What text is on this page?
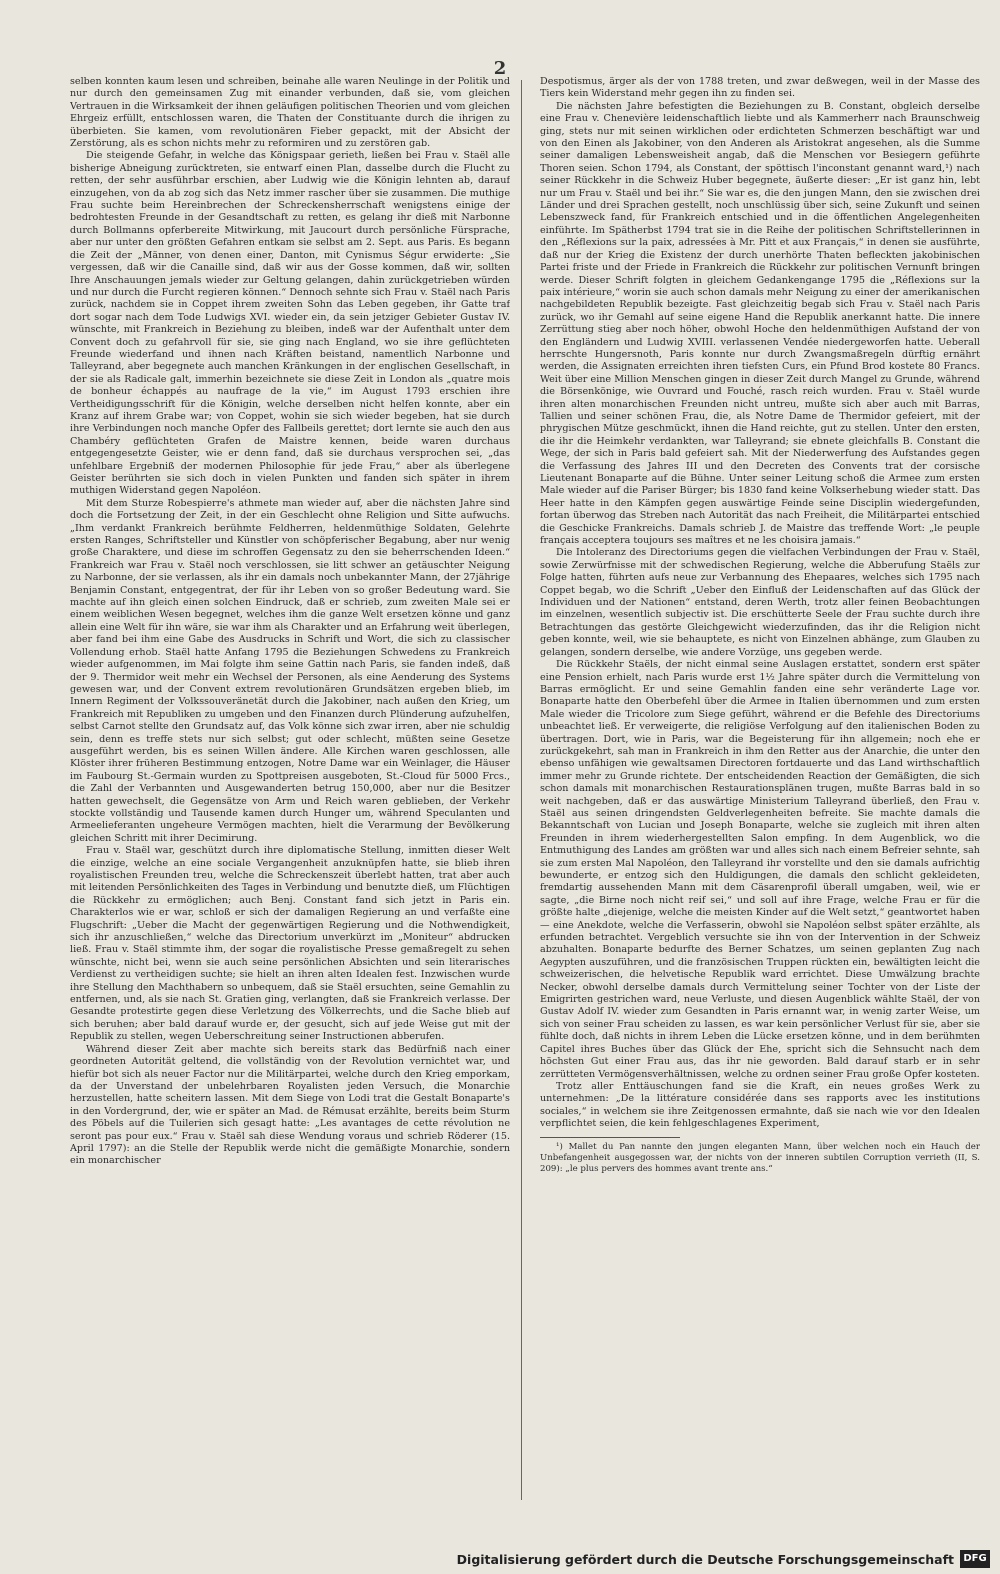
2

selben konnten kaum lesen und schreiben, beinahe alle waren Neulinge in der Politik und nur durch den gemeinsamen Zug mit einander verbunden, daß sie, vom gleichen Vertrauen in die Wirksamkeit der ihnen geläufigen politischen Theorien und vom gleichen Ehrgeiz erfüllt, entschlossen waren, die Thaten der Constituante durch die ihrigen zu überbieten. Sie kamen, vom revolutionären Fieber gepackt, mit der Absicht der Zerstörung, als es schon nichts mehr zu reformiren und zu zerstören gab.

Die steigende Gefahr, in welche das Königspaar gerieth, ließen bei Frau v. Staël alle bisherige Abneigung zurücktreten, sie entwarf einen Plan, dasselbe durch die Flucht zu retten, der sehr ausführbar erschien, aber Ludwig wie die Königin lehnten ab, darauf einzugehen, von da ab zog sich das Netz immer rascher über sie zusammen. Die muthige Frau suchte beim Hereinbrechen der Schreckensherrschaft wenigstens einige der bedrohtesten Freunde in der Gesandtschaft zu retten, es gelang ihr dieß mit Narbonne durch Bollmanns opferbereite Mitwirkung, mit Jaucourt durch persönliche Fürsprache, aber nur unter den größten Gefahren entkam sie selbst am 2. Sept. aus Paris. Es begann die Zeit der „Männer, von denen einer, Danton, mit Cynismus Ségur erwiderte: „Sie vergessen, daß wir die Canaille sind, daß wir aus der Gosse kommen, daß wir, sollten Ihre Anschauungen jemals wieder zur Geltung gelangen, dahin zurückgetrieben würden und nur durch die Furcht regieren können.“ Dennoch sehnte sich Frau v. Staël nach Paris zurück, nachdem sie in Coppet ihrem zweiten Sohn das Leben gegeben, ihr Gatte traf dort sogar nach dem Tode Ludwigs XVI. wieder ein, da sein jetziger Gebieter Gustav IV. wünschte, mit Frankreich in Beziehung zu bleiben, indeß war der Aufenthalt unter dem Convent doch zu gefahrvoll für sie, sie ging nach England, wo sie ihre geflüchteten Freunde wiederfand und ihnen nach Kräften beistand, namentlich Narbonne und Talleyrand, aber begegnete auch manchen Kränkungen in der englischen Gesellschaft, in der sie als Radicale galt, immerhin bezeichnete sie diese Zeit in London als „quatre mois de bonheur échappés au naufrage de la vie,“ im August 1793 erschien ihre Vertheidigungsschrift für die Königin, welche derselben nicht helfen konnte, aber ein Kranz auf ihrem Grabe war; von Coppet, wohin sie sich wieder begeben, hat sie durch ihre Verbindungen noch manche Opfer des Fallbeils gerettet; dort lernte sie auch den aus Chambéry geflüchteten Grafen de Maistre kennen, beide waren durchaus entgegengesetzte Geister, wie er denn fand, daß sie durchaus versprochen sei, „das unfehlbare Ergebniß der modernen Philosophie für jede Frau,“ aber als überlegene Geister berührten sie sich doch in vielen Punkten und fanden sich später in ihrem muthigen Widerstand gegen Napoléon.

Mit dem Sturze Robespierre's athmete man wieder auf, aber die nächsten Jahre sind doch die Fortsetzung der Zeit, in der ein Geschlecht ohne Religion und Sitte aufwuchs. „Ihm verdankt Frankreich berühmte Feldherren, heldenmüthige Soldaten, Gelehrte ersten Ranges, Schriftsteller und Künstler von schöpferischer Begabung, aber nur wenig große Charaktere, und diese im schroffen Gegensatz zu den sie beherrschenden Ideen.“ Frankreich war Frau v. Staël noch verschlossen, sie litt schwer an getäuschter Neigung zu Narbonne, der sie verlassen, als ihr ein damals noch unbekannter Mann, der 27jährige Benjamin Constant, entgegentrat, der für ihr Leben von so großer Bedeutung ward. Sie machte auf ihn gleich einen solchen Eindruck, daß er schrieb, zum zweiten Male sei er einem weiblichen Wesen begegnet, welches ihm die ganze Welt ersetzen könne und ganz allein eine Welt für ihn wäre, sie war ihm als Charakter und an Erfahrung weit überlegen, aber fand bei ihm eine Gabe des Ausdrucks in Schrift und Wort, die sich zu classischer Vollendung erhob. Staël hatte Anfang 1795 die Beziehungen Schwedens zu Frankreich wieder aufgenommen, im Mai folgte ihm seine Gattin nach Paris, sie fanden indeß, daß der 9. Thermidor weit mehr ein Wechsel der Personen, als eine Aenderung des Systems gewesen war, und der Convent extrem revolutionären Grundsätzen ergeben blieb, im Innern Regiment der Volkssouveränetät durch die Jakobiner, nach außen den Krieg, um Frankreich mit Republiken zu umgeben und den Finanzen durch Plünderung aufzuhelfen, selbst Carnot stellte den Grundsatz auf, das Volk könne sich zwar irren, aber nie schuldig sein, denn es treffe stets nur sich selbst; gut oder schlecht, müßten seine Gesetze ausgeführt werden, bis es seinen Willen ändere. Alle Kirchen waren geschlossen, alle Klöster ihrer früheren Bestimmung entzogen, Notre Dame war ein Weinlager, die Häuser im Faubourg St.-Germain wurden zu Spottpreisen ausgeboten, St.-Cloud für 5000 Frcs., die Zahl der Verbannten und Ausgewanderten betrug 150,000, aber nur die Besitzer hatten gewechselt, die Gegensätze von Arm und Reich waren geblieben, der Verkehr stockte vollständig und Tausende kamen durch Hunger um, während Speculanten und Armeelieferanten ungeheure Vermögen machten, hielt die Verarmung der Bevölkerung gleichen Schritt mit ihrer Decimirung.

Frau v. Staël war, geschützt durch ihre diplomatische Stellung, inmitten dieser Welt die einzige, welche an eine sociale Vergangenheit anzuknüpfen hatte, sie blieb ihren royalistischen Freunden treu, welche die Schreckenszeit überlebt hatten, trat aber auch mit leitenden Persönlichkeiten des Tages in Verbindung und benutzte dieß, um Flüchtigen die Rückkehr zu ermöglichen; auch Benj. Constant fand sich jetzt in Paris ein. Charakterlos wie er war, schloß er sich der damaligen Regierung an und verfaßte eine Flugschrift: „Ueber die Macht der gegenwärtigen Regierung und die Nothwendigkeit, sich ihr anzuschließen,“ welche das Directorium unverkürzt im „Moniteur“ abdrucken ließ. Frau v. Staël stimmte ihm, der sogar die royalistische Presse gemaßregelt zu sehen wünschte, nicht bei, wenn sie auch seine persönlichen Absichten und sein literarisches Verdienst zu vertheidigen suchte; sie hielt an ihren alten Idealen fest. Inzwischen wurde ihre Stellung den Machthabern so unbequem, daß sie Staël ersuchten, seine Gemahlin zu entfernen, und, als sie nach St. Gratien ging, verlangten, daß sie Frankreich verlasse. Der Gesandte protestirte gegen diese Verletzung des Völkerrechts, und die Sache blieb auf sich beruhen; aber bald darauf wurde er, der gesucht, sich auf jede Weise gut mit der Republik zu stellen, wegen Ueberschreitung seiner Instructionen abberufen.

Während dieser Zeit aber machte sich bereits stark das Bedürfniß nach einer geordneten Autorität geltend, die vollständig von der Revolution vernichtet war, und hiefür bot sich als neuer Factor nur die Militärpartei, welche durch den Krieg emporkam, da der Unverstand der unbelehrbaren Royalisten jeden Versuch, die Monarchie herzustellen, hatte scheitern lassen. Mit dem Siege von Lodi trat die Gestalt Bonaparte's in den Vordergrund, der, wie er später an Mad. de Rémusat erzählte, bereits beim Sturm des Pöbels auf die Tuilerien sich gesagt hatte: „Les avantages de cette révolution ne seront pas pour eux.“ Frau v. Staël sah diese Wendung voraus und schrieb Röderer (15. April 1797): an die Stelle der Republik werde nicht die gemäßigte Monarchie, sondern ein monarchischer

Despotismus, ärger als der von 1788 treten, und zwar deßwegen, weil in der Masse des Tiers kein Widerstand mehr gegen ihn zu finden sei.

Die nächsten Jahre befestigten die Beziehungen zu B. Constant, obgleich derselbe eine Frau v. Chenevière leidenschaftlich liebte und als Kammerherr nach Braunschweig ging, stets nur mit seinen wirklichen oder erdichteten Schmerzen beschäftigt war und von den Einen als Jakobiner, von den Anderen als Aristokrat angesehen, als die Summe seiner damaligen Lebensweisheit angab, daß die Menschen vor Besiegern geführte Thoren seien. Schon 1794, als Constant, der spöttisch l'inconstant genannt ward,¹) nach seiner Rückkehr in die Schweiz Huber begegnete, äußerte dieser: „Er ist ganz hin, lebt nur um Frau v. Staël und bei ihr.“ Sie war es, die den jungen Mann, den sie zwischen drei Länder und drei Sprachen gestellt, noch unschlüssig über sich, seine Zukunft und seinen Lebenszweck fand, für Frankreich entschied und in die öffentlichen Angelegenheiten einführte. Im Spätherbst 1794 trat sie in die Reihe der politischen Schriftstellerinnen in den „Réflexions sur la paix, adressées à Mr. Pitt et aux Français,“ in denen sie ausführte, daß nur der Krieg die Existenz der durch unerhörte Thaten befleckten jakobinischen Partei friste und der Friede in Frankreich die Rückkehr zur politischen Vernunft bringen werde. Dieser Schrift folgten in gleichem Gedankengange 1795 die „Réflexions sur la paix intérieure,“ worin sie auch schon damals mehr Neigung zu einer der amerikanischen nachgebildeten Republik bezeigte. Fast gleichzeitig begab sich Frau v. Staël nach Paris zurück, wo ihr Gemahl auf seine eigene Hand die Republik anerkannt hatte. Die innere Zerrüttung stieg aber noch höher, obwohl Hoche den heldenmüthigen Aufstand der von den Engländern und Ludwig XVIII. verlassenen Vendée niedergeworfen hatte. Ueberall herrschte Hungersnoth, Paris konnte nur durch Zwangsmaßregeln dürftig ernährt werden, die Assignaten erreichten ihren tiefsten Curs, ein Pfund Brod kostete 80 Francs. Weit über eine Million Menschen gingen in dieser Zeit durch Mangel zu Grunde, während die Börsenkönige, wie Ouvrard und Fouché, rasch reich wurden. Frau v. Staël wurde ihren alten monarchischen Freunden nicht untreu, mußte sich aber auch mit Barras, Tallien und seiner schönen Frau, die, als Notre Dame de Thermidor gefeiert, mit der phrygischen Mütze geschmückt, ihnen die Hand reichte, gut zu stellen. Unter den ersten, die ihr die Heimkehr verdankten, war Talleyrand; sie ebnete gleichfalls B. Constant die Wege, der sich in Paris bald gefeiert sah. Mit der Niederwerfung des Aufstandes gegen die Verfassung des Jahres III und den Decreten des Convents trat der corsische Lieutenant Bonaparte auf die Bühne. Unter seiner Leitung schoß die Armee zum ersten Male wieder auf die Pariser Bürger; bis 1830 fand keine Volkserhebung wieder statt. Das Heer hatte in den Kämpfen gegen auswärtige Feinde seine Disciplin wiedergefunden, fortan überwog das Streben nach Autorität das nach Freiheit, die Militärpartei entschied die Geschicke Frankreichs. Damals schrieb J. de Maistre das treffende Wort: „le peuple français acceptera toujours ses maîtres et ne les choisira jamais.“

Die Intoleranz des Directoriums gegen die vielfachen Verbindungen der Frau v. Staël, sowie Zerwürfnisse mit der schwedischen Regierung, welche die Abberufung Staëls zur Folge hatten, führten aufs neue zur Verbannung des Ehepaares, welches sich 1795 nach Coppet begab, wo die Schrift „Ueber den Einfluß der Leidenschaften auf das Glück der Individuen und der Nationen“ entstand, deren Werth, trotz aller feinen Beobachtungen im einzelnen, wesentlich subjectiv ist. Die erschütterte Seele der Frau suchte durch ihre Betrachtungen das gestörte Gleichgewicht wiederzufinden, das ihr die Religion nicht geben konnte, weil, wie sie behauptete, es nicht von Einzelnen abhänge, zum Glauben zu gelangen, sondern derselbe, wie andere Vorzüge, uns gegeben werde.

Die Rückkehr Staëls, der nicht einmal seine Auslagen erstattet, sondern erst später eine Pension erhielt, nach Paris wurde erst 1½ Jahre später durch die Vermittelung von Barras ermöglicht. Er und seine Gemahlin fanden eine sehr veränderte Lage vor. Bonaparte hatte den Oberbefehl über die Armee in Italien übernommen und zum ersten Male wieder die Tricolore zum Siege geführt, während er die Befehle des Directoriums unbeachtet ließ. Er verweigerte, die religiöse Verfolgung auf den italienischen Boden zu übertragen. Dort, wie in Paris, war die Begeisterung für ihn allgemein; noch ehe er zurückgekehrt, sah man in Frankreich in ihm den Retter aus der Anarchie, die unter den ebenso unfähigen wie gewaltsamen Directoren fortdauerte und das Land wirthschaftlich immer mehr zu Grunde richtete. Der entscheidenden Reaction der Gemäßigten, die sich schon damals mit monarchischen Restaurationsplänen trugen, mußte Barras bald in so weit nachgeben, daß er das auswärtige Ministerium Talleyrand überließ, den Frau v. Staël aus seinen dringendsten Geldverlegenheiten befreite. Sie machte damals die Bekanntschaft von Lucian und Joseph Bonaparte, welche sie zugleich mit ihren alten Freunden in ihrem wiederhergestellten Salon empfing. In dem Augenblick, wo die Entmuthigung des Landes am größten war und alles sich nach einem Befreier sehnte, sah sie zum ersten Mal Napoléon, den Talleyrand ihr vorstellte und den sie damals aufrichtig bewunderte, er entzog sich den Huldigungen, die damals den schlicht gekleideten, fremdartig aussehenden Mann mit dem Cäsarenprofil überall umgaben, weil, wie er sagte, „die Birne noch nicht reif sei,“ und soll auf ihre Frage, welche Frau er für die größte halte „diejenige, welche die meisten Kinder auf die Welt setzt,“ geantwortet haben — eine Anekdote, welche die Verfasserin, obwohl sie Napoléon selbst später erzählte, als erfunden betrachtet. Vergeblich versuchte sie ihn von der Intervention in der Schweiz abzuhalten. Bonaparte bedurfte des Berner Schatzes, um seinen geplanten Zug nach Aegypten auszuführen, und die französischen Truppen rückten ein, bewältigten leicht die schweizerischen, die helvetische Republik ward errichtet. Diese Umwälzung brachte Necker, obwohl derselbe damals durch Vermittelung seiner Tochter von der Liste der Emigrirten gestrichen ward, neue Verluste, und diesen Augenblick wählte Staël, der von Gustav Adolf IV. wieder zum Gesandten in Paris ernannt war, in wenig zarter Weise, um sich von seiner Frau scheiden zu lassen, es war kein persönlicher Verlust für sie, aber sie fühlte doch, daß nichts in ihrem Leben die Lücke ersetzen könne, und in dem berühmten Capitel ihres Buches über das Glück der Ehe, spricht sich die Sehnsucht nach dem höchsten Gut einer Frau aus, das ihr nie geworden. Bald darauf starb er in sehr zerrütteten Vermögensverhältnissen, welche zu ordnen seiner Frau große Opfer kosteten.

Trotz aller Enttäuschungen fand sie die Kraft, ein neues großes Werk zu unternehmen: „De la littérature considérée dans ses rapports avec les institutions sociales,“ in welchem sie ihre Zeitgenossen ermahnte, daß sie nach wie vor den Idealen verpflichtet seien, die kein fehlgeschlagenes Experiment,

¹) Mallet du Pan nannte den jungen eleganten Mann, über welchen noch ein Hauch der Unbefangenheit ausgegossen war, der nichts von der inneren subtilen Corruption verrieth (II, S. 209): „le plus pervers des hommes avant trente ans.“

Digitalisierung gefördert durch die Deutsche Forschungsgemeinschaft DFG
